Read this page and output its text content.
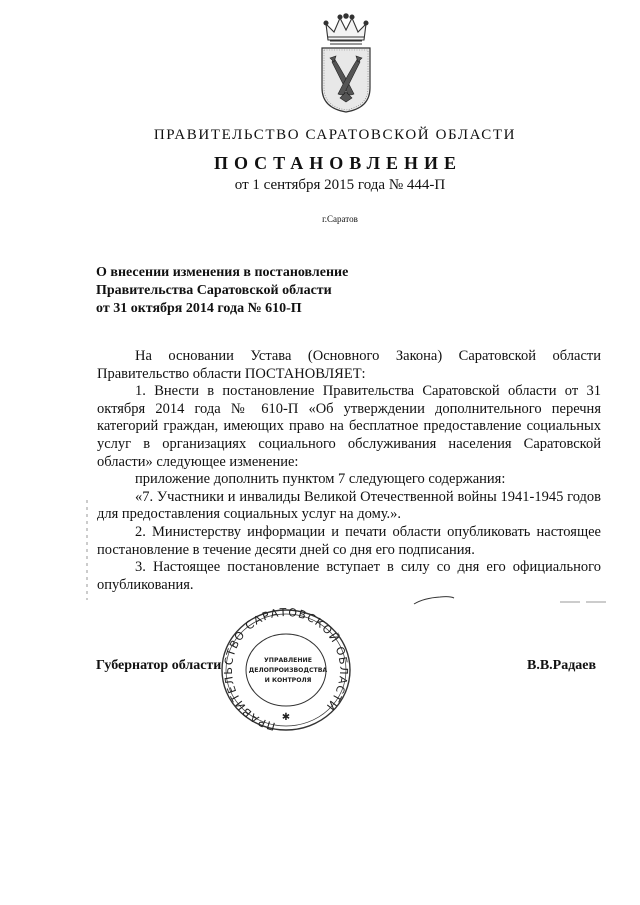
ПРАВИТЕЛЬСТВО САРАТОВСКОЙ ОБЛАСТИ
ПОСТАНОВЛЕНИЕ
от 1 сентября 2015 года № 444-П
г.Саратов
О внесении изменения в постановление
Правительства Саратовской области
от 31 октября 2014 года № 610-П

На основании Устава (Основного Закона) Саратовской области Правительство области ПОСТАНОВЛЯЕТ:

1. Внести в постановление Правительства Саратовской области от 31 октября 2014 года № 610-П «Об утверждении дополнительного перечня категорий граждан, имеющих право на бесплатное предоставление социальных услуг в организациях социального обслуживания населения Саратовской области» следующее изменение:

приложение дополнить пунктом 7 следующего содержания:

«7. Участники и инвалиды Великой Отечественной войны 1941-1945 годов для предоставления социальных услуг на дому.».

2. Министерству информации и печати области опубликовать настоящее постановление в течение десяти дней со дня его подписания.

3. Настоящее постановление вступает в силу со дня его официального опубликования.

Губернатор области	В.В.Радаев
ПРАВИТЕЛЬСТВО САРАТОВСКОЙ ОБЛАСТИ
УПРАВЛЕНИЕ
ДЕЛОПРОИЗВОДСТВА
И КОНТРОЛЯ
✱
